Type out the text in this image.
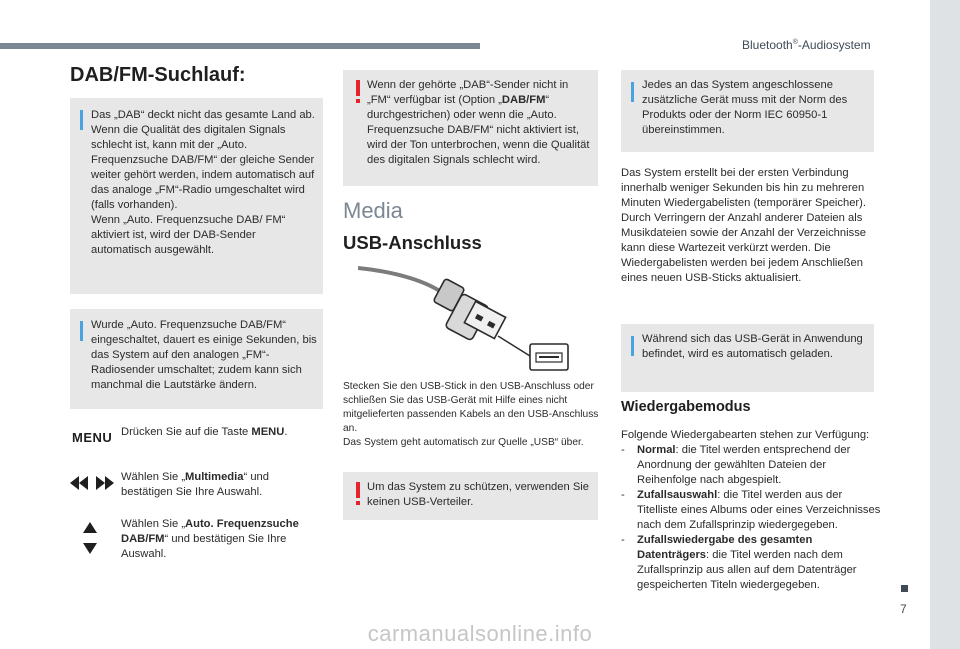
Bluetooth®-Audiosystem
7
DAB/FM-Suchlauf:
Das „DAB“ deckt nicht das gesamte Land ab.
Wenn die Qualität des digitalen Signals schlecht ist, kann mit der „Auto. Frequenzsuche DAB/FM“ der gleiche Sender weiter gehört werden, indem automatisch auf das analoge „FM“-Radio umgeschaltet wird (falls vorhanden).
Wenn „Auto. Frequenzsuche DAB/ FM“ aktiviert ist, wird der DAB-Sender automatisch ausgewählt.
Wurde „Auto. Frequenzsuche DAB/FM“ eingeschaltet, dauert es einige Sekunden, bis das System auf den analogen „FM“-Radiosender umschaltet; zudem kann sich manchmal die Lautstärke ändern.
MENU Drücken Sie auf die Taste MENU.
Wählen Sie „Multimedia“ und bestätigen Sie Ihre Auswahl.
Wählen Sie „Auto. Frequenzsuche DAB/FM“ und bestätigen Sie Ihre Auswahl.
Wenn der gehörte „DAB“-Sender nicht in „FM“ verfügbar ist (Option „DAB/FM“ durchgestrichen) oder wenn die „Auto. Frequenzsuche DAB/FM“ nicht aktiviert ist, wird der Ton unterbrochen, wenn die Qualität des digitalen Signals schlecht wird.
Media
USB-Anschluss
Stecken Sie den USB-Stick in den USB-Anschluss oder schließen Sie das USB-Gerät mit Hilfe eines nicht mitgelieferten passenden Kabels an den USB-Anschluss an.
Das System geht automatisch zur Quelle „USB“ über.
Um das System zu schützen, verwenden Sie keinen USB-Verteiler.
Jedes an das System angeschlossene zusätzliche Gerät muss mit der Norm des Produkts oder der Norm IEC 60950-1 übereinstimmen.
Das System erstellt bei der ersten Verbindung innerhalb weniger Sekunden bis hin zu mehreren Minuten Wiedergabelisten (temporärer Speicher).
Durch Verringern der Anzahl anderer Dateien als Musikdateien sowie der Anzahl der Verzeichnisse kann diese Wartezeit verkürzt werden. Die Wiedergabelisten werden bei jedem Anschließen eines neuen USB-Sticks aktualisiert.
Während sich das USB-Gerät in Anwendung befindet, wird es automatisch geladen.
Wiedergabemodus
Folgende Wiedergabearten stehen zur Verfügung:
- Normal: die Titel werden entsprechend der Anordnung der gewählten Dateien der Reihenfolge nach abgespielt.
- Zufallsauswahl: die Titel werden aus der Titelliste eines Albums oder eines Verzeichnisses nach dem Zufallsprinzip wiedergegeben.
- Zufallswiedergabe des gesamten Datenträgers: die Titel werden nach dem Zufallsprinzip aus allen auf dem Datenträger gespeicherten Titeln wiedergegeben.
carmanualsonline.info
